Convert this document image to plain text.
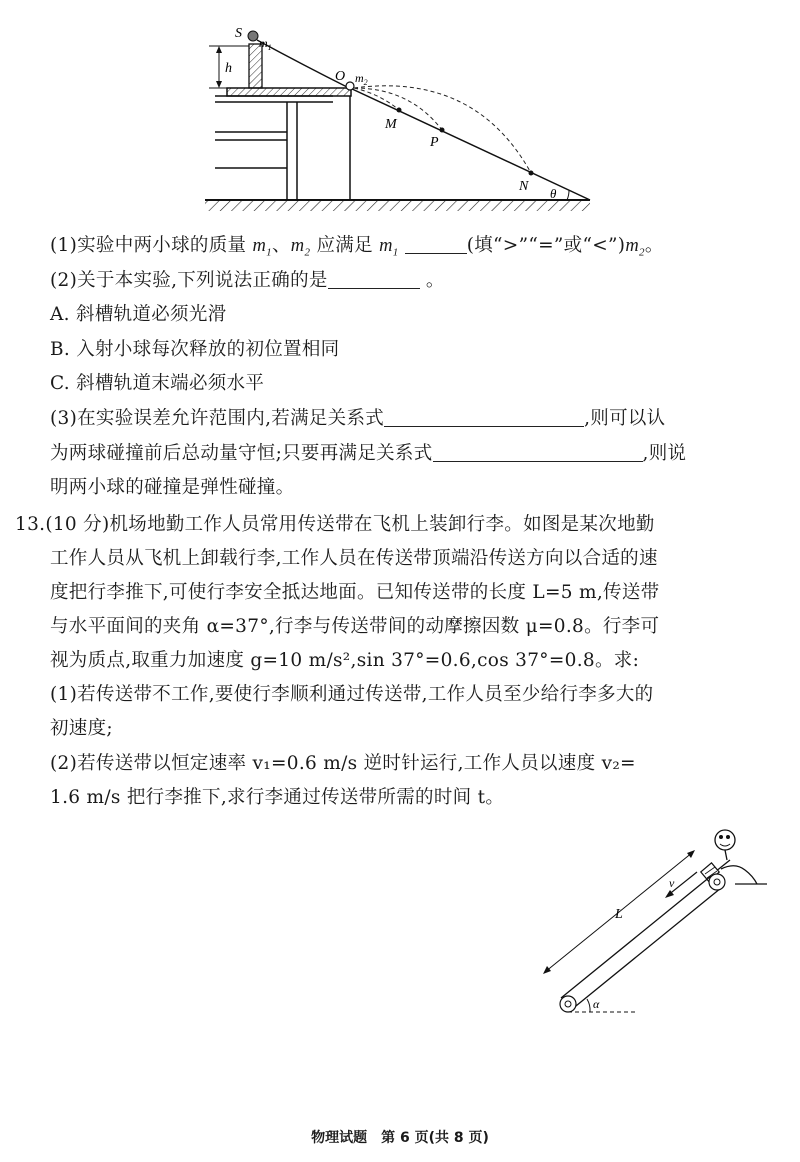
h
S
$m_1$
θ
O $m_2$
M
P
N
(1)实验中两小球的质量 $m_1$、$m_2$ 应满足 $m_1$	(填“>”“=”或“$<”)m_2$。
(2)关于本实验,下列说法正确的是	。
A. 斜槽轨道必须光滑
B. 入射小球每次释放的初位置相同
C. 斜槽轨道末端必须水平
(3)在实验误差允许范围内,若满足关系式	,则可以认
为两球碰撞前后总动量守恒;只要再满足关系式	,则说
明两小球的碰撞是弹性碰撞。
13.(10 分)机场地勤工作人员常用传送带在飞机上装卸行李。如图是某次地勤
工作人员从飞机上卸载行李,工作人员在传送带顶端沿传送方向以合适的速
度把行李推下,可使行李安全抵达地面。已知传送带的长度 L=5 m,传送带
与水平面间的夹角 α=37°,行李与传送带间的动摩擦因数 μ=0.8。行李可
视为质点,取重力加速度 g=10 m/s²,sin 37°=0.6,cos 37°=0.8。求:
(1)若传送带不工作,要使行李顺利通过传送带,工作人员至少给行李多大的
初速度;
(2)若传送带以恒定速率 v₁=0.6 m/s 逆时针运行,工作人员以速度 v₂=
1.6 m/s 把行李推下,求行李通过传送带所需的时间 t。
v
L
α
物理试题　第 6 页(共 8 页)
